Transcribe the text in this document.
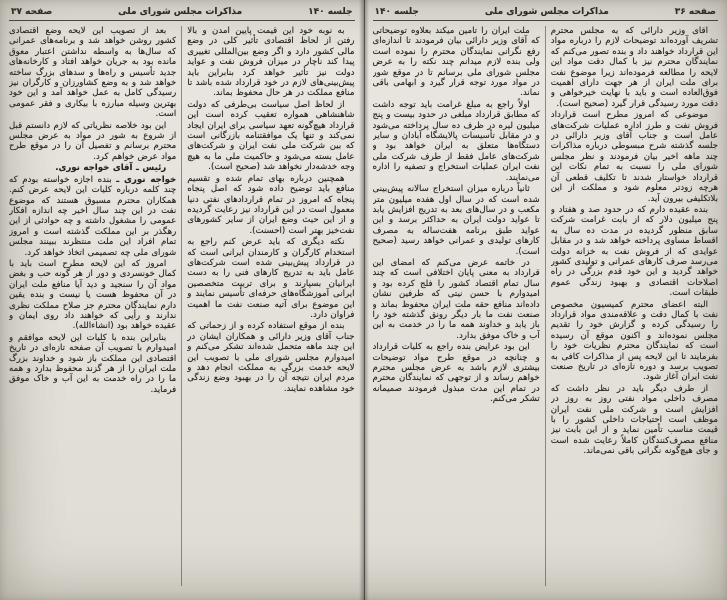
جلسه ۱۴۰
مذاکرات مجلس شورای ملی
صفحه ۳۷

به نوبه خود این قیمت پایین آمدن و بالا رفتن از لحاظ اقتصادی تأثیر کلی در وضع مالی کشور دارد و اگر وضع بین‌المللی تغییری پیدا کند ناچار در میزان فروش نفت و عواید دولت نیز تأثیر خواهد کرد بنابراین باید پیش‌بینی‌های لازم در خود قرارداد شده باشد تا منافع مملکت در هر حال محفوظ بماند.

از لحاظ اصل سیاست بی‌طرفی که دولت شاهنشاهی همواره تعقیب کرده است این قرارداد هیچ‌گونه تعهد سیاسی برای ایران ایجاد نمی‌کند و تنها یک موافقتنامه بازرگانی است که بین شرکت ملی نفت ایران و شرکت‌های عامل بسته می‌شود و حاکمیت ملی ما به هیچ وجه خدشه‌دار نخواهد شد (صحیح است).

همچنین درباره بهای تمام شده و تقسیم منافع باید توضیح داده شود که اصل پنجاه پنجاه که امروز در تمام قراردادهای نفتی دنیا معمول است در این قرارداد نیز رعایت گردیده و از این حیث وضع ایران از سایر کشورهای نفت‌خیز بهتر است (احسنت).

نکته دیگری که باید عرض کنم راجع به استخدام کارگران و کارمندان ایرانی است که در قرارداد پیش‌بینی شده است شرکت‌های عامل باید به تدریج کارهای فنی را به دست ایرانیان بسپارند و برای تربیت متخصصین ایرانی آموزشگاه‌های حرفه‌ای تأسیس نمایند و این موضوع برای آتیه صنعت نفت ما اهمیت فراوان دارد.

بنده از موقع استفاده کرده و از زحماتی که جناب آقای وزیر دارائی و همکاران ایشان در این چند ماهه متحمل شده‌اند تشکر می‌کنم و امیدوارم مجلس شورای ملی با تصویب این لایحه خدمت بزرگی به مملکت انجام دهد و مردم ایران نتیجه آن را در بهبود وضع زندگی خود مشاهده نمایند.

بعد از تصویب این لایحه وضع اقتصادی کشور روشن خواهد شد و برنامه‌های عمرانی که سال‌ها به واسطه نداشتن اعتبار معوق مانده بود به جریان خواهد افتاد و کارخانه‌های جدید تأسیس و راه‌ها و سدهای بزرگ ساخته خواهد شد و به وضع کشاورزان و کارگران نیز رسیدگی کامل به عمل خواهد آمد و این خود بهترین وسیله مبارزه با بیکاری و فقر عمومی است.

این بود خلاصه نظریاتی که لازم دانستم قبل از شروع به شور در مواد به عرض مجلس محترم برسانم و تفصیل آن را در موقع طرح مواد عرض خواهم کرد.

رئیس ـ آقای خواجه نوری.

خواجه نوری ـ بنده اجازه خواسته بودم که چند کلمه درباره کلیات این لایحه عرض کنم. همکاران محترم مسبوق هستند که موضوع نفت در این چند سال اخیر چه اندازه افکار عمومی را مشغول داشته و چه حوادثی از این رهگذر بر این مملکت گذشته است و امروز تمام افراد این ملت منتظرند ببینند مجلس شورای ملی چه تصمیمی اتخاذ خواهد کرد.

امروز که این لایحه مطرح است باید با کمال خونسردی و دور از هر گونه حب و بغض مواد آن را سنجید و دید آیا منافع ملت ایران در آن محفوظ هست یا نیست و بنده یقین دارم نمایندگان محترم جز صلاح مملکت نظری ندارند و رأیی که خواهند داد روی ایمان و عقیده خواهد بود (انشاءالله).

بنابراین بنده با کلیات این لایحه موافقم و امیدوارم با تصویب آن صفحه تازه‌ای در تاریخ اقتصادی این مملکت باز شود و خداوند بزرگ ملت ایران را از هر گزند محفوظ بدارد و همه ما را در راه خدمت به این آب و خاک موفق فرماید.

صفحه ۳۶
مذاکرات مجلس شورای ملی
جلسه ۱۴۰

آقای وزیر دارائی که به مجلس محترم تشریف آورده‌اند توضیحات لازم را درباره مواد این قرارداد خواهند داد و بنده تصور می‌کنم که نمایندگان محترم نیز با کمال دقت مواد این لایحه را مطالعه فرموده‌اند زیرا موضوع نفت برای ملت ایران از هر جهت دارای اهمیت فوق‌العاده است و باید با نهایت خیرخواهی و دقت مورد رسیدگی قرار گیرد (صحیح است).

موضوعی که امروز مطرح است قرارداد فروش نفت و طرز اداره عملیات شرکت‌های عامل است و جناب آقای وزیر دارائی در جلسه گذشته شرح مبسوطی درباره مذاکرات چند ماهه اخیر بیان فرمودند و نظر مجلس شورای ملی را نسبت به تمام نکات این قرارداد خواستار شدند تا تکلیف قطعی آن هرچه زودتر معلوم شود و مملکت از این بلاتکلیفی بیرون آید.

بنده عقیده دارم که در حدود صد و هفتاد و پنج میلیون دلار که از بابت غرامت شرکت سابق منظور گردیده در مدت ده سال به اقساط مساوی پرداخته خواهد شد و در مقابل عوایدی که از فروش نفت به خزانه دولت می‌رسد صرف کارهای عمرانی و تولیدی کشور خواهد گردید و این خود قدم بزرگی در راه اصلاحات اقتصادی و بهبود زندگی عموم طبقات است.

البته اعضای محترم کمیسیون مخصوص نفت با کمال دقت و علاقه‌مندی مواد قرارداد را رسیدگی کرده و گزارش خود را تقدیم مجلس نموده‌اند و اکنون موقع آن رسیده است که نمایندگان محترم نظریات خود را بفرمایند تا این لایحه پس از مذاکرات کافی به تصویب برسد و دوره تازه‌ای در تاریخ صنعت نفت ایران آغاز شود.

از طرف دیگر باید در نظر داشت که مصرف داخلی مواد نفتی روز به روز در افزایش است و شرکت ملی نفت ایران موظف است احتیاجات داخلی کشور را با قیمت مناسب تأمین نماید و از این بابت نیز منافع مصرف‌کنندگان کاملاً رعایت شده است و جای هیچ‌گونه نگرانی باقی نمی‌ماند.

ملت ایران را تأمین میکند بعلاوه توضیحاتی که آقای وزیر دارائی بیان فرمودند تا اندازه‌ای رفع نگرانی نمایندگان محترم را نموده است ولی بنده لازم میدانم چند نکته را به عرض مجلس شورای ملی برسانم تا در موقع شور در مواد مورد توجه قرار گیرد و ابهامی باقی نماند.

اولاً راجع به مبلغ غرامت باید توجه داشت که مطابق قرارداد مبلغی در حدود بیست و پنج میلیون لیره در ظرف ده سال پرداخته می‌شود و در مقابل تأسیسات پالایشگاه آبادان و سایر دستگاه‌ها متعلق به ایران خواهد بود و شرکت‌های عامل فقط از طرف شرکت ملی نفت ایران عملیات استخراج و تصفیه را اداره می‌نمایند.

ثانیاً درباره میزان استخراج سالانه پیش‌بینی شده است که در سال اول هفده میلیون متر مکعب و در سال‌های بعد به تدریج افزایش یابد تا عواید دولت ایران به حداکثر برسد و این عواید طبق برنامه هفت‌ساله به مصرف کارهای تولیدی و عمرانی خواهد رسید (صحیح است).

در خاتمه عرض می‌کنم که امضای این قرارداد به معنی پایان اختلافی است که چند سال تمام اقتصاد کشور را فلج کرده بود و امیدوارم با حسن نیتی که طرفین نشان داده‌اند منافع حقه ملت ایران محفوظ بماند و صنعت نفت ما بار دیگر رونق گذشته خود را باز یابد و خداوند همه ما را در خدمت به این آب و خاک موفق بدارد.

این بود عرایض بنده راجع به کلیات قرارداد و چنانچه در موقع طرح مواد توضیحات بیشتری لازم باشد به عرض مجلس محترم خواهم رساند و از توجهی که نمایندگان محترم در تمام این مدت مبذول فرمودند صمیمانه تشکر می‌کنم.
